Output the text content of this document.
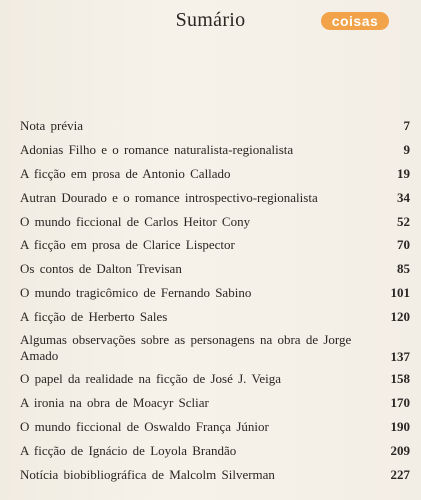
Sumário	coisas
Nota prévia	7
Adonias Filho e o romance naturalista-regionalista	9
A ficção em prosa de Antonio Callado	19
Autran Dourado e o romance introspectivo-regionalista	34
O mundo ficcional de Carlos Heitor Cony	52
A ficção em prosa de Clarice Lispector	70
Os contos de Dalton Trevisan	85
O mundo tragicômico de Fernando Sabino	101
A ficção de Herberto Sales	120
Algumas observações sobre as personagens na obra de Jorge Amado	137
O papel da realidade na ficção de José J. Veiga	158
A ironia na obra de Moacyr Scliar	170
O mundo ficcional de Oswaldo França Júnior	190
A ficção de Ignácio de Loyola Brandão	209
Notícia biobibliográfica de Malcolm Silverman	227
